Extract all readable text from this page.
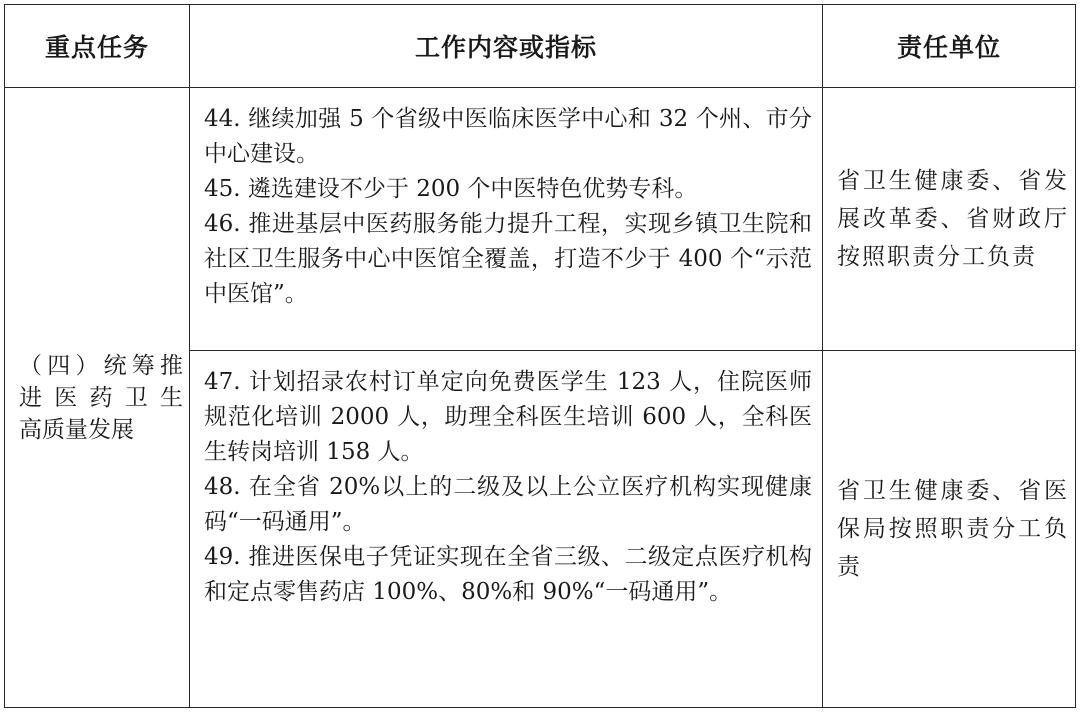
重点任务	工作内容或指标	责任单位
（四）统筹推
进医药卫生
高质量发展
44. 继续加强 5 个省级中医临床医学中心和 32 个州、市分中心建设。
45. 遴选建设不少于 200 个中医特色优势专科。
46. 推进基层中医药服务能力提升工程，实现乡镇卫生院和社区卫生服务中心中医馆全覆盖，打造不少于 400 个“示范中医馆”。
省卫生健康委、省发展改革委、省财政厅按照职责分工负责
47. 计划招录农村订单定向免费医学生 123 人，住院医师规范化培训 2000 人，助理全科医生培训 600 人，全科医生转岗培训 158 人。
48. 在全省 20%以上的二级及以上公立医疗机构实现健康码“一码通用”。
49. 推进医保电子凭证实现在全省三级、二级定点医疗机构和定点零售药店 100%、80%和 90%“一码通用”。
省卫生健康委、省医保局按照职责分工负责
